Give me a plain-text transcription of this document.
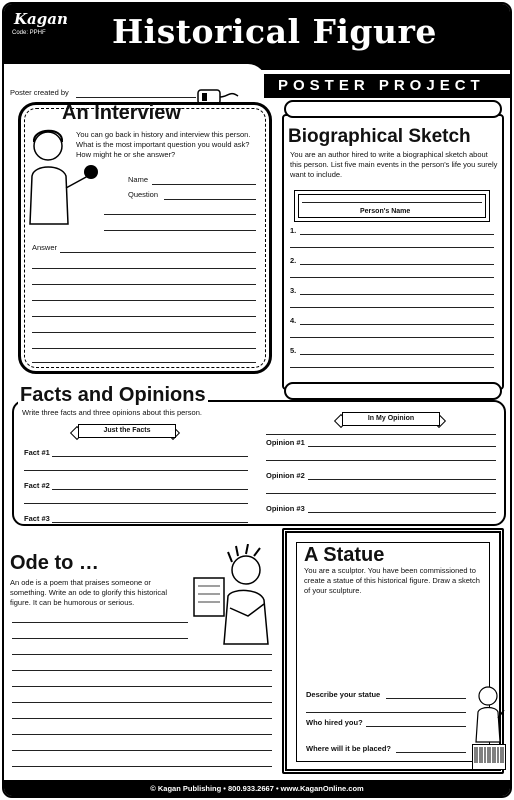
Kagan
Code: PPHF Historical Figure
POSTER PROJECT
Poster created by
An Interview
You can go back in history and interview this person. What is the most important question you would ask? How might he or she answer?
Name
Question
Answer
Biographical Sketch
You are an author hired to write a biographical sketch about this person. List five main events in the person's life you surely want to include.
Person's Name
1.
2.
3.
4.
5.
Facts and Opinions
Write three facts and three opinions about this person.
Just the Facts
In My Opinion
Fact #1
Fact #2
Fact #3
Opinion #1
Opinion #2
Opinion #3
Ode to …
An ode is a poem that praises someone or something. Write an ode to glorify this historical figure. It can be humorous or serious.
A Statue
You are a sculptor. You have been commissioned to create a statue of this historical figure. Draw a sketch of your sculpture.
Describe your statue
Who hired you?
Where will it be placed?
© Kagan Publishing • 800.933.2667 • www.KaganOnline.com
